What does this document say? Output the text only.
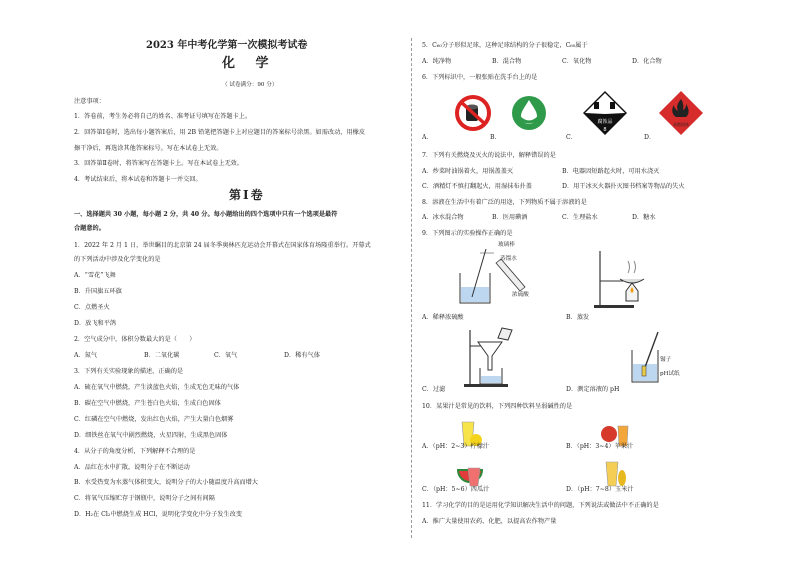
2023 年中考化学第一次模拟考试卷
化 学
（ 试卷满分：90 分）
注意事项：
1．答卷前，考生务必将自己的姓名、准考证号填写在答题卡上。
2．回答第Ⅰ卷时，选出每小题答案后，用 2B 铅笔把答题卡上对应题目的答案标号涂黑。如需改动，用橡皮
擦干净后，再选涂其他答案标号。写在本试卷上无效。
3．回答第Ⅱ卷时，将答案写在答题卡上。写在本试卷上无效。
4．考试结束后，将本试卷和答题卡一并交回。
第Ⅰ卷
一、选择题共 30 小题，每小题 2 分，共 40 分。每小题给出的四个选项中只有一个选项是最符
合题意的。
1．2022 年 2 月 1 日，举世瞩目的北京第 24 届冬季奥林匹克运动会开幕式在国家体育场隆重举行。开幕式
的下列活动中涉及化学变化的是
A．“雪花”飞舞
B．升国旗五环旗
C．点燃圣火
D．放飞和平鸽
2．空气成分中，体积分数最大的是（　　）
A．氮气	B．二氧化碳	C．氧气	D．稀有气体
3．下列有关实验现象的描述，正确的是
A．硫在氧气中燃烧，产生淡蓝色火焰，生成无色无味的气体
B．碳在空气中燃烧，产生苍白色火焰，生成白色固体
C．红磷在空气中燃烧，发出红色火焰，产生大量白色烟雾
D．细铁丝在氧气中剧烈燃烧，火星四射，生成黑色固体
4．从分子的角度分析，下列解释不合理的是
A．品红在水中扩散，说明分子在不断运动
B．水受热变为水蒸气体积变大，说明分子的大小随温度升高而增大
C．将氧气压缩贮存于钢瓶中，说明分子之间有间隔
D．H₂在 Cl₂中燃烧生成 HCl，说明化学变化中分子发生改变
5．C₆₀分子形似足球，这种足球结构的分子很稳定，C₆₀属于
A．纯净物	B．混合物	C．氧化物	D．化合物
6．下列标识中，一般张贴在洗手台上的是
腐蚀品
8
易燃固体
A．	B．	C．	D．
7．下列有关燃烧及灭火的说法中，解释错误的是
A．炒菜时油锅着火，用锅盖盖灭	B．电器因短路起火时，可用水浇灭
C．酒精灯不慎打翻起火，用湿抹布扑盖	D．用干冰灭火器扑灭图书档案等物品的失火
8．溶液在生活中有着广泛的用途，下列物质不属于溶液的是
A．冰水混合物	B．医用碘酒	C．生理盐水	D．糖水
9．下列图示的实验操作正确的是
玻璃棒
蒸馏水
浓硫酸
A．稀释浓硫酸	B．蒸发
镊子
pH试纸
C．过滤	D．测定溶液的 pH
10．某果汁是常见的饮料，下列四种饮料呈弱碱性的是
A．（pH：2~3）柠檬汁	B．（pH：3~4）苹果汁
C．（pH：5~6）西瓜汁	D．（pH：7~8）玉米汁
11．学习化学的目的是运用化学知识解决生活中的问题，下列说法或做法中不正确的是
A．推广大量使用农药、化肥，以提高农作物产量
